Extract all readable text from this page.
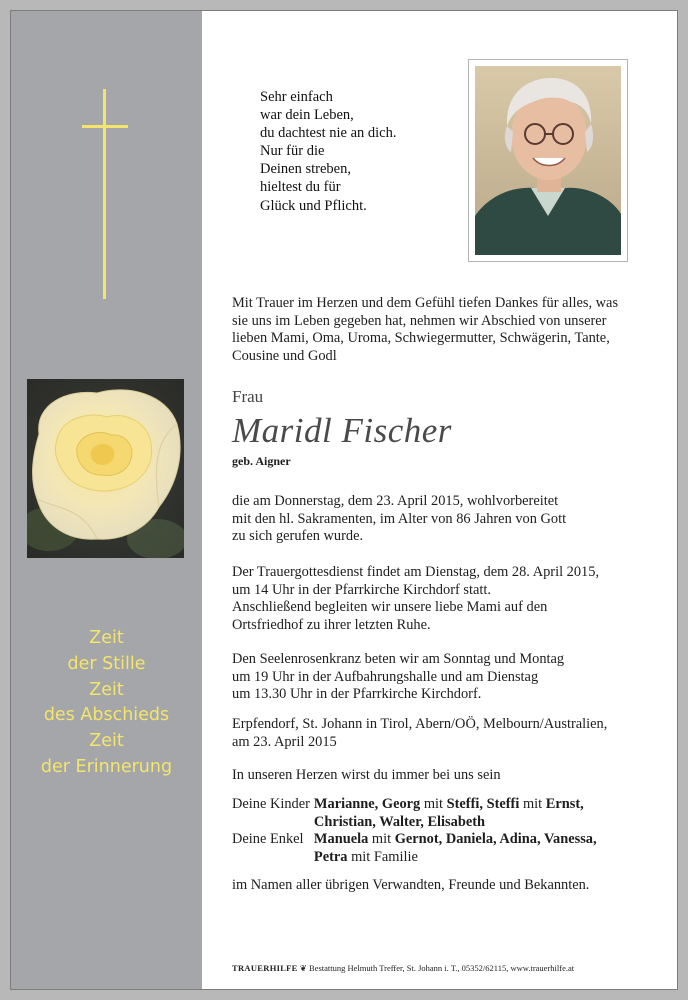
Zeit
der Stille
Zeit
des Abschieds
Zeit
der Erinnerung
Sehr einfach
war dein Leben,
du dachtest nie an dich.
Nur für die
Deinen streben,
hieltest du für
Glück und Pflicht.
Mit Trauer im Herzen und dem Gefühl tiefen Dankes für alles, was
sie uns im Leben gegeben hat, nehmen wir Abschied von unserer
lieben Mami, Oma, Uroma, Schwiegermutter, Schwägerin, Tante,
Cousine und Godl
Frau
Maridl Fischer
geb. Aigner
die am Donnerstag, dem 23. April 2015, wohlvorbereitet
mit den hl. Sakramenten, im Alter von 86 Jahren von Gott
zu sich gerufen wurde.
Der Trauergottesdienst findet am Dienstag, dem 28. April 2015,
um 14 Uhr in der Pfarrkirche Kirchdorf statt.
Anschließend begleiten wir unsere liebe Mami auf den
Ortsfriedhof zu ihrer letzten Ruhe.
Den Seelenrosenkranz beten wir am Sonntag und Montag
um 19 Uhr in der Aufbahrungshalle und am Dienstag
um 13.30 Uhr in der Pfarrkirche Kirchdorf.
Erpfendorf, St. Johann in Tirol, Abern/OÖ, Melbourn/Australien,
am 23. April 2015
In unseren Herzen wirst du immer bei uns sein
Deine Kinder	Marianne, Georg mit Steffi, Steffi mit Ernst,
	Christian, Walter, Elisabeth
Deine Enkel	Manuela mit Gernot, Daniela, Adina, Vanessa,
	Petra mit Familie
im Namen aller übrigen Verwandten, Freunde und Bekannten.
TRAUERHILFE ❦ Bestattung Helmuth Treffer, St. Johann i. T., 05352/62115, www.trauerhilfe.at
